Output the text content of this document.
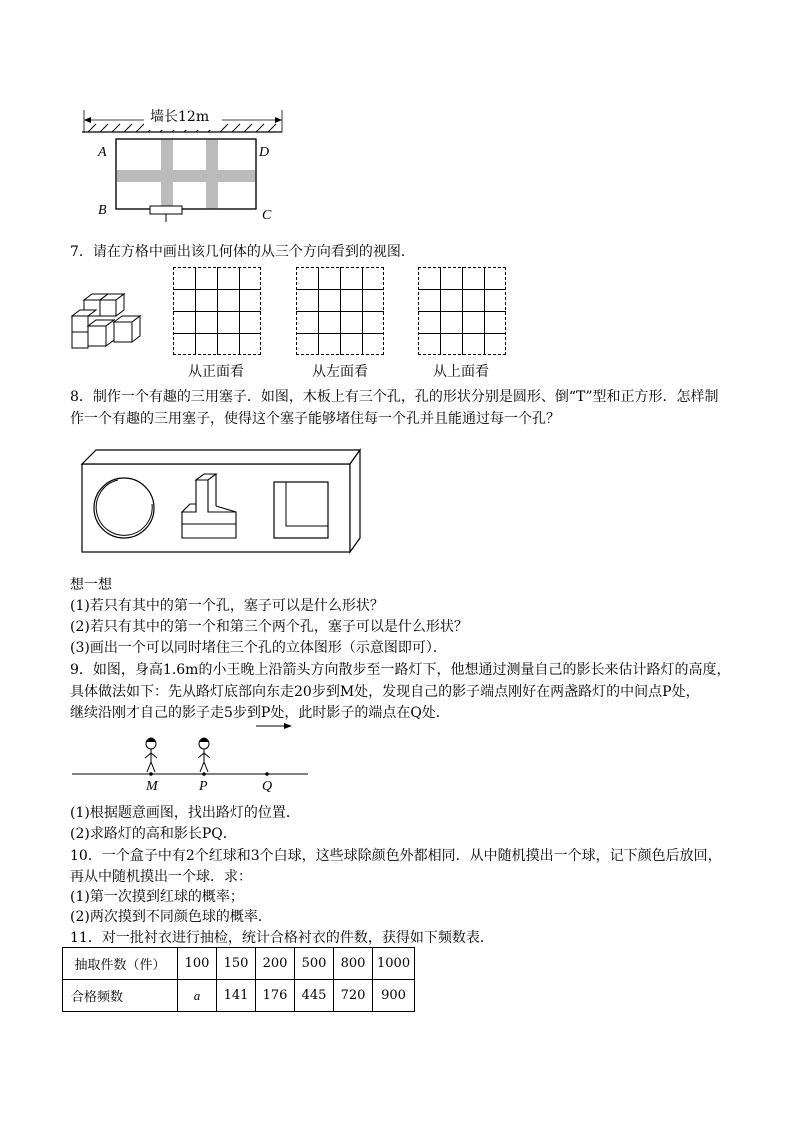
墙长12m
A
B	C
D
7．请在方格中画出该几何体的从三个方向看到的视图．
从正面看	从左面看	从上面看
8．制作一个有趣的三用塞子．如图，木板上有三个孔，孔的形状分别是圆形、倒“T”型和正方形．怎样制
作一个有趣的三用塞子，使得这个塞子能够堵住每一个孔并且能通过每一个孔？
想一想
(1)若只有其中的第一个孔，塞子可以是什么形状？
(2)若只有其中的第一个和第三个两个孔，塞子可以是什么形状？
(3)画出一个可以同时堵住三个孔的立体图形（示意图即可）．
9．如图，身高1.6m的小王晚上沿箭头方向散步至一路灯下，他想通过测量自己的影长来估计路灯的高度，
具体做法如下：先从路灯底部向东走20步到M处，发现自己的影子端点刚好在两盏路灯的中间点P处，
继续沿刚才自己的影子走5步到P处，此时影子的端点在Q处．
M	P	Q
(1)根据题意画图，找出路灯的位置．
(2)求路灯的高和影长PQ．
10．一个盒子中有2个红球和3个白球，这些球除颜色外都相同．从中随机摸出一个球，记下颜色后放回，
再从中随机摸出一个球．求：
(1)第一次摸到红球的概率；
(2)两次摸到不同颜色球的概率．
11．对一批衬衣进行抽检，统计合格衬衣的件数，获得如下频数表．
抽取件数（件）	100	150	200	500	800	1000
合格频数	a	141	176	445	720	900
